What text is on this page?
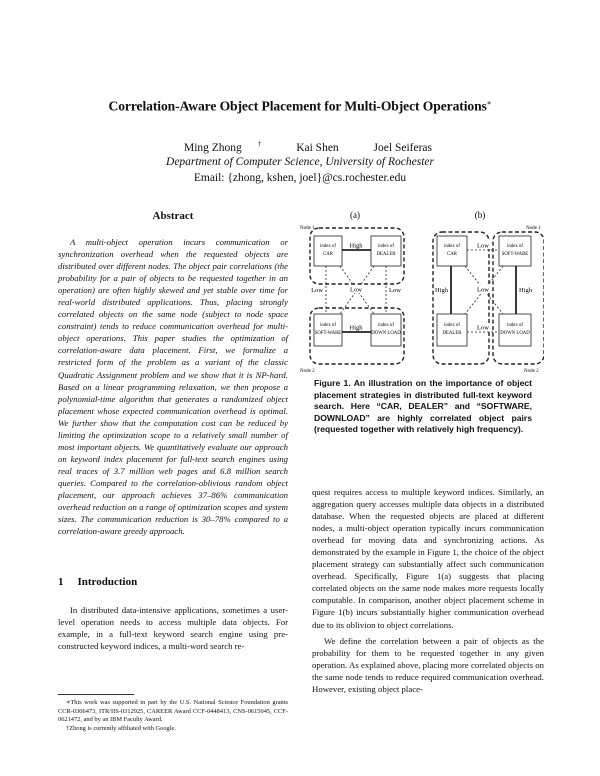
Correlation-Aware Object Placement for Multi-Object Operations∗
Ming Zhong †	Kai Shen	Joel Seiferas
Department of Computer Science, University of Rochester
Email: {zhong, kshen, joel}@cs.rochester.edu
Abstract

A multi-object operation incurs communication or synchronization overhead when the requested objects are distributed over different nodes. The object pair correlations (the probability for a pair of objects to be requested together in an operation) are often highly skewed and yet stable over time for real-world distributed applications. Thus, placing strongly correlated objects on the same node (subject to node space constraint) tends to reduce communication overhead for multi-object operations. This paper studies the optimization of correlation-aware data placement. First, we formalize a restricted form of the problem as a variant of the classic Quadratic Assignment problem and we show that it is NP-hard. Based on a linear programming relaxation, we then propose a polynomial-time algorithm that generates a randomized object placement whose expected communication overhead is optimal. We further show that the computation cost can be reduced by limiting the optimization scope to a relatively small number of most important objects. We quantitatively evaluate our approach on keyword index placement for full-text search engines using real traces of 3.7 million web pages and 6.8 million search queries. Compared to the correlation-oblivious random object placement, our approach achieves 37–86% communication overhead reduction on a range of optimization scopes and system sizes. The communication reduction is 30–78% compared to a correlation-aware greedy approach.

1 Introduction

In distributed data-intensive applications, sometimes a user-level operation needs to access multiple data objects. For example, in a full-text keyword search engine using pre-constructed keyword indices, a multi-word search re-

∗This work was supported in part by the U.S. National Science Foundation grants CCR-0306473, ITR/IIS-0312925, CAREER Award CCF-0448413, CNS-0615045, CCF-0621472, and by an IBM Faculty Award.

†Zhong is currently affiliated with Google.

(a)	(b)
Node 1	Node 1
Node 2	Node 2
High
High
Low	Low
Low
Low
Low
High	High
Low
index of
CAR
index of
DEALER
index of
SOFT-WARE
index of
DOWN LOAD
index of
CAR
index of
SOFT-WARE
index of
DEALER
index of
DOWN LOAD
Figure 1. An illustration on the importance of object placement strategies in distributed full-text keyword search. Here “CAR, DEALER” and “SOFTWARE, DOWNLOAD” are highly correlated object pairs (requested together with relatively high frequency).

quest requires access to multiple keyword indices. Similarly, an aggregation query accesses multiple data objects in a distributed database. When the requested objects are placed at different nodes, a multi-object operation typically incurs communication overhead for moving data and synchronizing actions. As demonstrated by the example in Figure 1, the choice of the object placement strategy can substantially affect such communication overhead. Specifically, Figure 1(a) suggests that placing correlated objects on the same node makes more requests locally computable. In comparison, another object placement scheme in Figure 1(b) incurs substantially higher communication overhead due to its oblivion to object correlations.

We define the correlation between a pair of objects as the probability for them to be requested together in any given operation. As explained above, placing more correlated objects on the same node tends to reduce required communication overhead. However, existing object place-
